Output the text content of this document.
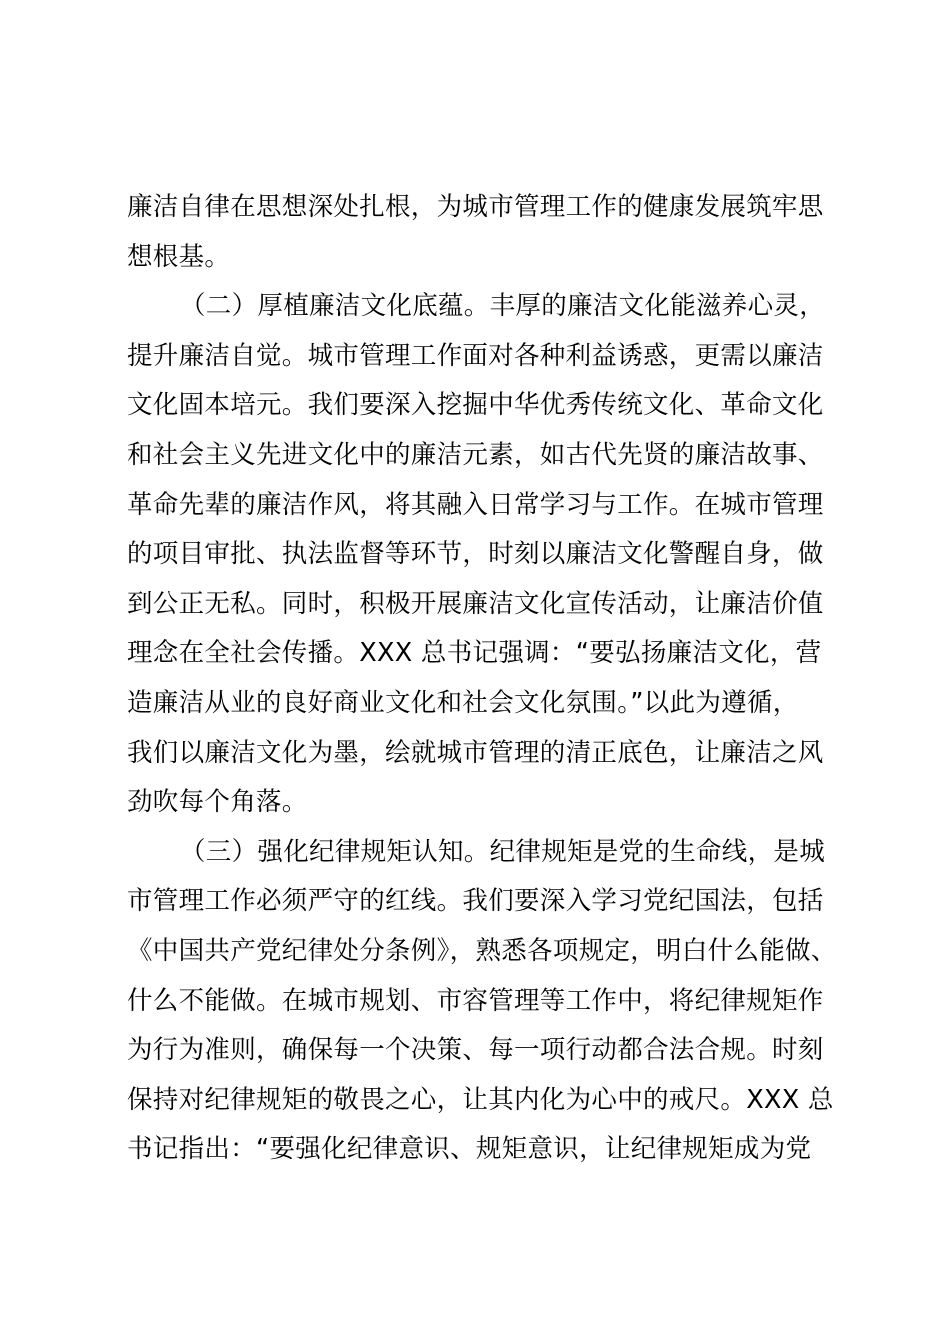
廉洁自律在思想深处扎根，为城市管理工作的健康发展筑牢思
想根基。
（二）厚植廉洁文化底蕴。丰厚的廉洁文化能滋养心灵，
提升廉洁自觉。城市管理工作面对各种利益诱惑，更需以廉洁
文化固本培元。我们要深入挖掘中华优秀传统文化、革命文化
和社会主义先进文化中的廉洁元素，如古代先贤的廉洁故事、
革命先辈的廉洁作风，将其融入日常学习与工作。在城市管理
的项目审批、执法监督等环节，时刻以廉洁文化警醒自身，做
到公正无私。同时，积极开展廉洁文化宣传活动，让廉洁价值
理念在全社会传播。XXX 总书记强调：“要弘扬廉洁文化，营
造廉洁从业的良好商业文化和社会文化氛围。”以此为遵循，
我们以廉洁文化为墨，绘就城市管理的清正底色，让廉洁之风
劲吹每个角落。
（三）强化纪律规矩认知。纪律规矩是党的生命线，是城
市管理工作必须严守的红线。我们要深入学习党纪国法，包括
《中国共产党纪律处分条例》，熟悉各项规定，明白什么能做、
什么不能做。在城市规划、市容管理等工作中，将纪律规矩作
为行为准则，确保每一个决策、每一项行动都合法合规。时刻
保持对纪律规矩的敬畏之心，让其内化为心中的戒尺。XXX 总
书记指出：“要强化纪律意识、规矩意识，让纪律规矩成为党
